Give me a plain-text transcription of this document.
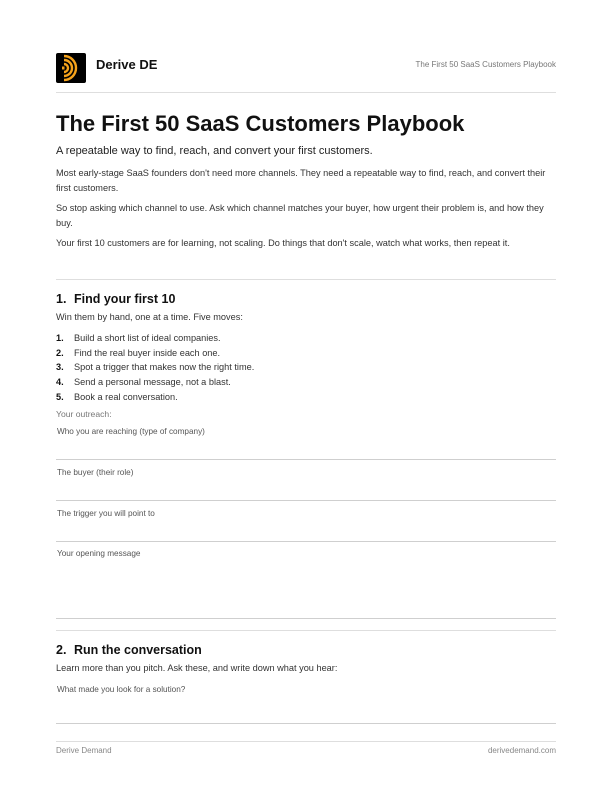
Derive DE	The First 50 SaaS Customers Playbook
The First 50 SaaS Customers Playbook
A repeatable way to find, reach, and convert your first customers.
Most early-stage SaaS founders don't need more channels. They need a repeatable way to find, reach, and convert their first customers.
So stop asking which channel to use. Ask which channel matches your buyer, how urgent their problem is, and how they buy.
Your first 10 customers are for learning, not scaling. Do things that don't scale, watch what works, then repeat it.
1. Find your first 10
Win them by hand, one at a time. Five moves:
1. Build a short list of ideal companies.
2. Find the real buyer inside each one.
3. Spot a trigger that makes now the right time.
4. Send a personal message, not a blast.
5. Book a real conversation.
Your outreach:
Who you are reaching (type of company)
The buyer (their role)
The trigger you will point to
Your opening message
2. Run the conversation
Learn more than you pitch. Ask these, and write down what you hear:
What made you look for a solution?
Derive Demand	derivedemand.com
